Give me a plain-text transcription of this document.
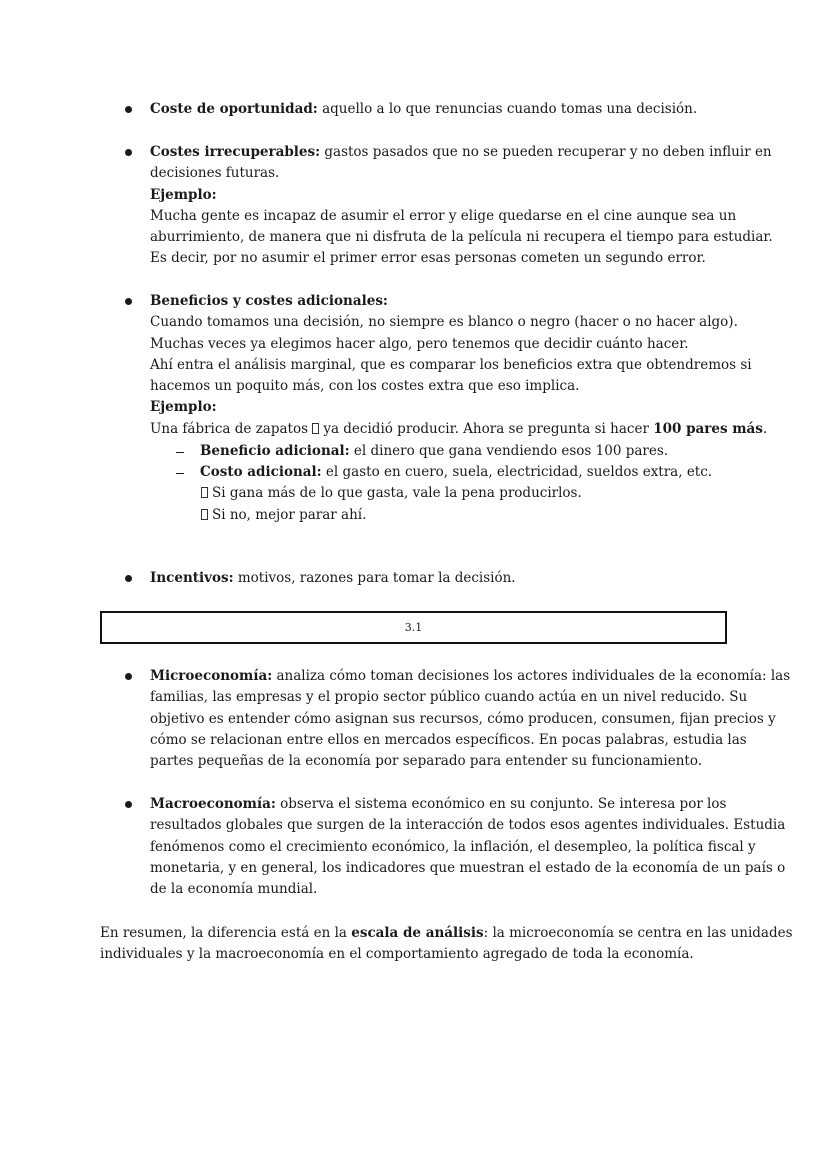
Coste de oportunidad: aquello a lo que renuncias cuando tomas una decisión.
Costes irrecuperables: gastos pasados que no se pueden recuperar y no deben influir en
decisiones futuras.
Ejemplo:
Mucha gente es incapaz de asumir el error y elige quedarse en el cine aunque sea un
aburrimiento, de manera que ni disfruta de la película ni recupera el tiempo para estudiar.
Es decir, por no asumir el primer error esas personas cometen un segundo error.
Beneficios y costes adicionales:
Cuando tomamos una decisión, no siempre es blanco o negro (hacer o no hacer algo).
Muchas veces ya elegimos hacer algo, pero tenemos que decidir cuánto hacer.
Ahí entra el análisis marginal, que es comparar los beneficios extra que obtendremos si
hacemos un poquito más, con los costes extra que eso implica.
Ejemplo:
Una fábrica de zapatos ya decidió producir. Ahora se pregunta si hacer 100 pares más.
Beneficio adicional: el dinero que gana vendiendo esos 100 pares.
Costo adicional: el gasto en cuero, suela, electricidad, sueldos extra, etc.
Si gana más de lo que gasta, vale la pena producirlos.
Si no, mejor parar ahí.
Incentivos: motivos, razones para tomar la decisión.
3.1
Microeconomía: analiza cómo toman decisiones los actores individuales de la economía: las
familias, las empresas y el propio sector público cuando actúa en un nivel reducido. Su
objetivo es entender cómo asignan sus recursos, cómo producen, consumen, fijan precios y
cómo se relacionan entre ellos en mercados específicos. En pocas palabras, estudia las
partes pequeñas de la economía por separado para entender su funcionamiento.
Macroeconomía: observa el sistema económico en su conjunto. Se interesa por los
resultados globales que surgen de la interacción de todos esos agentes individuales. Estudia
fenómenos como el crecimiento económico, la inflación, el desempleo, la política fiscal y
monetaria, y en general, los indicadores que muestran el estado de la economía de un país o
de la economía mundial.
En resumen, la diferencia está en la escala de análisis: la microeconomía se centra en las unidades
individuales y la macroeconomía en el comportamiento agregado de toda la economía.
